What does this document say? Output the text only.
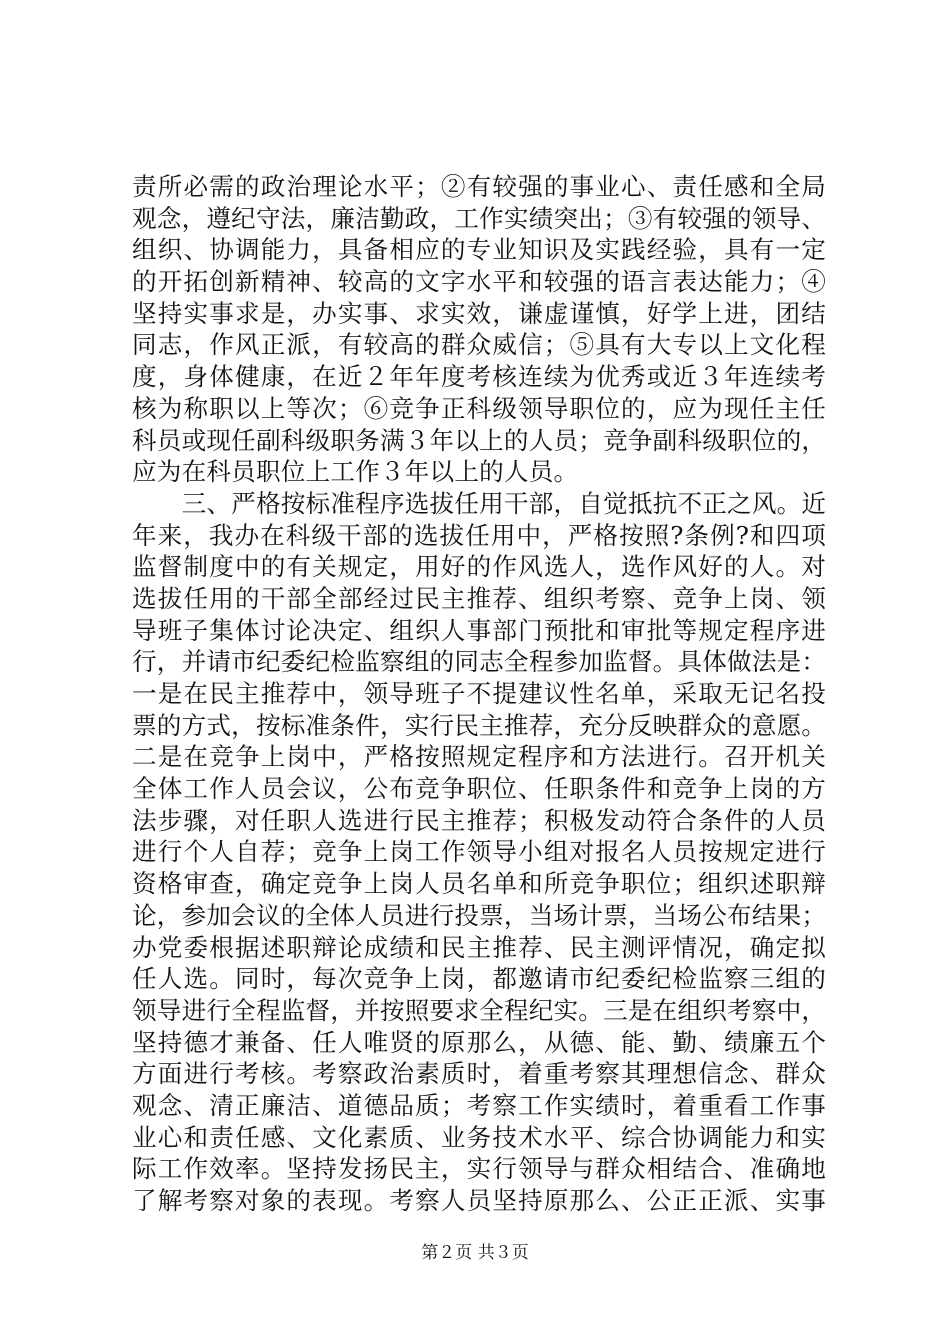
责所必需的政治理论水平；②有较强的事业心、责任感和全局
观念，遵纪守法，廉洁勤政，工作实绩突出；③有较强的领导、
组织、协调能力，具备相应的专业知识及实践经验，具有一定
的开拓创新精神、较高的文字水平和较强的语言表达能力；④
坚持实事求是，办实事、求实效，谦虚谨慎，好学上进，团结
同志，作风正派，有较高的群众威信；⑤具有大专以上文化程
度，身体健康，在近２年年度考核连续为优秀或近３年连续考
核为称职以上等次；⑥竞争正科级领导职位的，应为现任主任
科员或现任副科级职务满３年以上的人员；竞争副科级职位的，
应为在科员职位上工作３年以上的人员。
　　三、严格按标准程序选拔任用干部，自觉抵抗不正之风。近
年来，我办在科级干部的选拔任用中，严格按照?条例?和四项
监督制度中的有关规定，用好的作风选人，选作风好的人。对
选拔任用的干部全部经过民主推荐、组织考察、竞争上岗、领
导班子集体讨论决定、组织人事部门预批和审批等规定程序进
行，并请市纪委纪检监察组的同志全程参加监督。具体做法是：
一是在民主推荐中，领导班子不提建议性名单，采取无记名投
票的方式，按标准条件，实行民主推荐，充分反映群众的意愿。
二是在竞争上岗中，严格按照规定程序和方法进行。召开机关
全体工作人员会议，公布竞争职位、任职条件和竞争上岗的方
法步骤，对任职人选进行民主推荐；积极发动符合条件的人员
进行个人自荐；竞争上岗工作领导小组对报名人员按规定进行
资格审查，确定竞争上岗人员名单和所竞争职位；组织述职辩
论，参加会议的全体人员进行投票，当场计票，当场公布结果；
办党委根据述职辩论成绩和民主推荐、民主测评情况，确定拟
任人选。同时，每次竞争上岗，都邀请市纪委纪检监察三组的
领导进行全程监督，并按照要求全程纪实。三是在组织考察中，
坚持德才兼备、任人唯贤的原那么，从德、能、勤、绩廉五个
方面进行考核。考察政治素质时，着重考察其理想信念、群众
观念、清正廉洁、道德品质；考察工作实绩时，着重看工作事
业心和责任感、文化素质、业务技术水平、综合协调能力和实
际工作效率。坚持发扬民主，实行领导与群众相结合、准确地
了解考察对象的表现。考察人员坚持原那么、公正正派、实事
第２页 共３页
